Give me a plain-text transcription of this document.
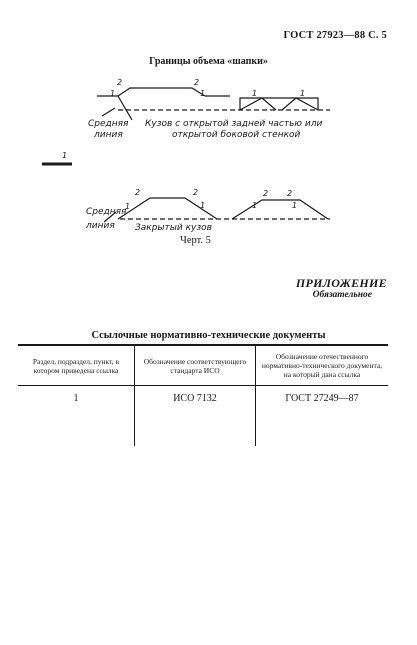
ГОСТ 27923—88 С. 5
Границы объема «шапки»
1
2	2
1	1	1
Средняя
линия
Кузов с открытой задней частью или
открытой боковой стенкой
1
1
2	2
1	1
2 2
1
Средняя
линия Закрытый кузов
Черт. 5
ПРИЛОЖЕНИЕ
Обязательное
Ссылочные нормативно-технические документы
Раздел, подраздел, пункт, в котором приведена ссылка	Обозначение соответствующего стандарта ИСО	Обозначение отечественного нормативно-технического документа, на который дана ссылка
1	ИСО 7132	ГОСТ 27249—87
